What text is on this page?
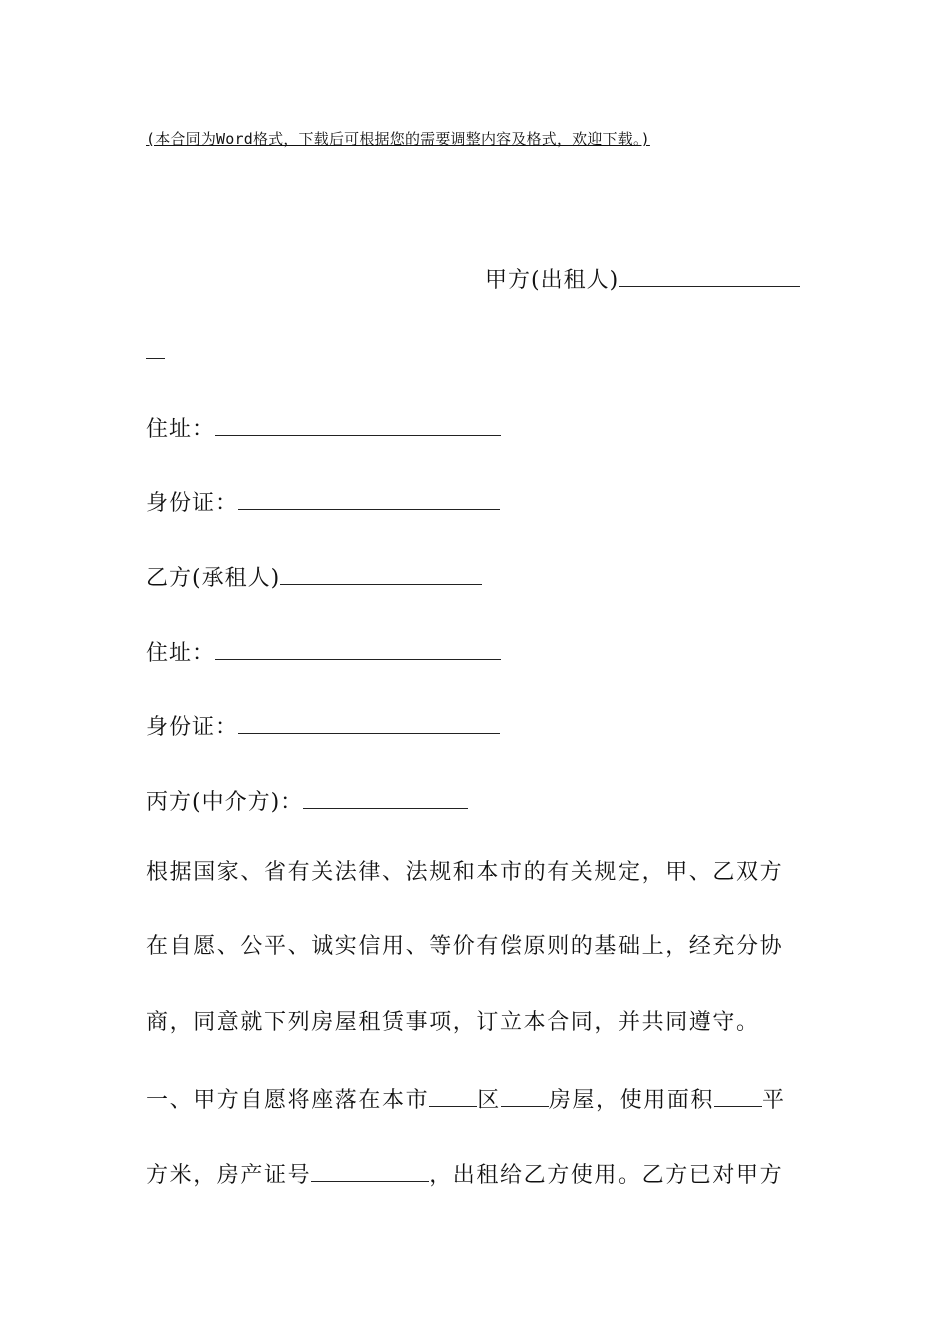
(本合同为Word格式，下载后可根据您的需要调整内容及格式，欢迎下载。)
甲方(出租人)
住址：
身份证：
乙方(承租人)
住址：
身份证：
丙方(中介方)：
根据国家、省有关法律、法规和本市的有关规定，甲、乙双方
在自愿、公平、诚实信用、等价有偿原则的基础上，经充分协
商，同意就下列房屋租赁事项，订立本合同，并共同遵守。
一、甲方自愿将座落在本市 区 房屋，使用面积 平
方米，房产证号	，出租给乙方使用。乙方已对甲方
